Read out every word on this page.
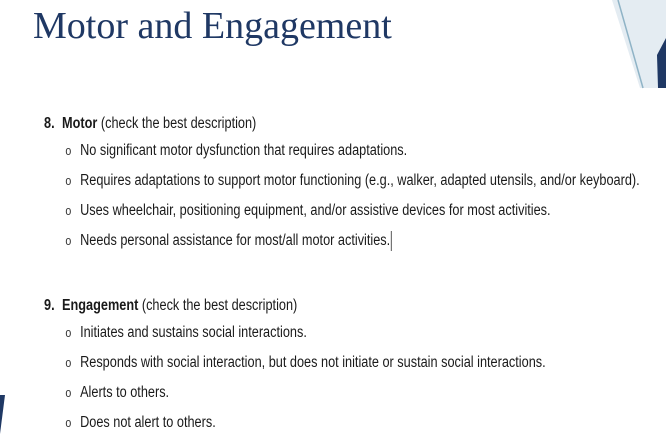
Motor and Engagement
8. Motor (check the best description)
o No significant motor dysfunction that requires adaptations.
o Requires adaptations to support motor functioning (e.g., walker, adapted utensils, and/or keyboard).
o Uses wheelchair, positioning equipment, and/or assistive devices for most activities.
o Needs personal assistance for most/all motor activities.
9. Engagement (check the best description)
o Initiates and sustains social interactions.
o Responds with social interaction, but does not initiate or sustain social interactions.
o Alerts to others.
o Does not alert to others.
